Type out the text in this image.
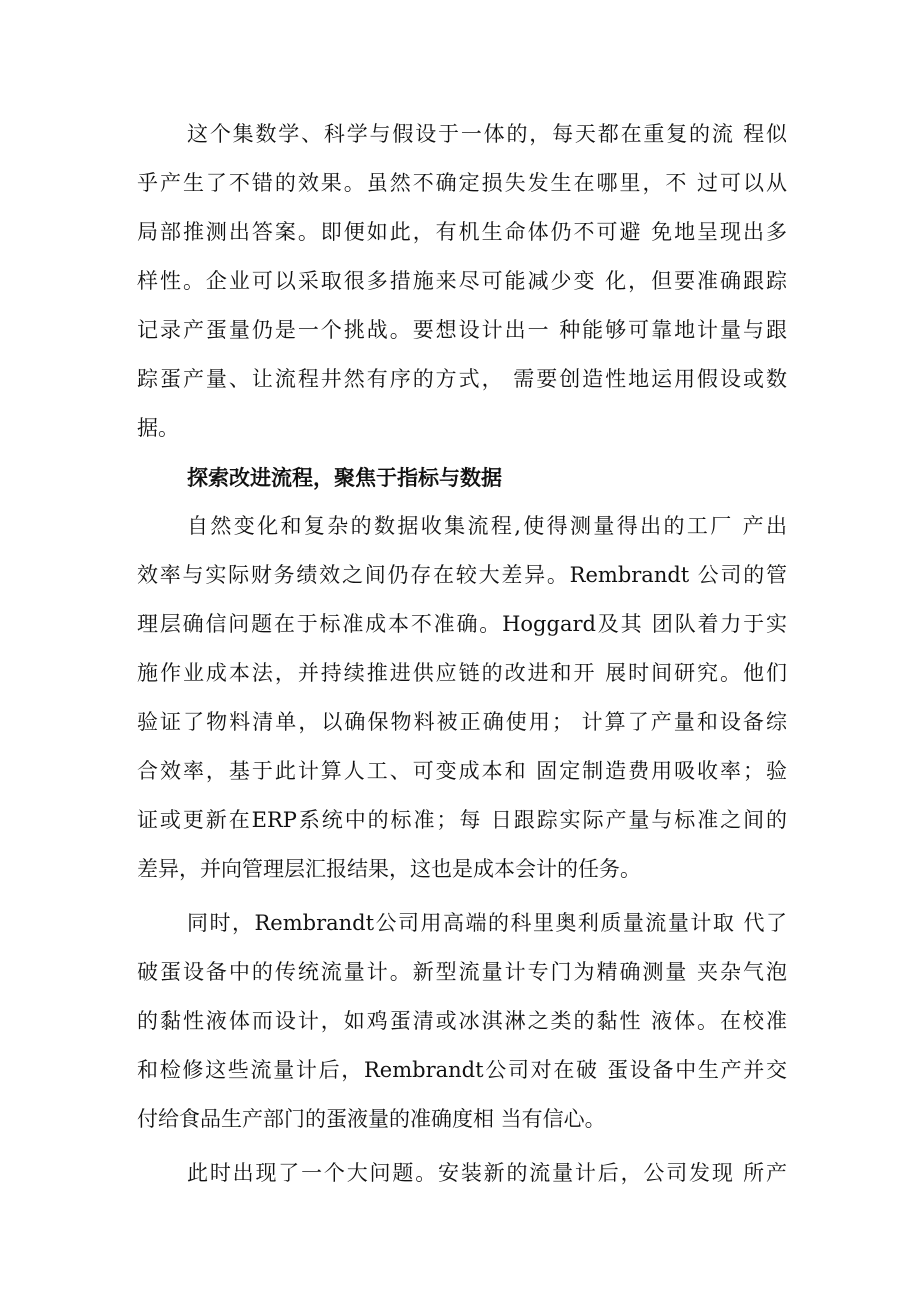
这个集数学、科学与假设于一体的，每天都在重复的流 程似
乎产生了不错的效果。虽然不确定损失发生在哪里，不 过可以从
局部推测出答案。即便如此，有机生命体仍不可避 免地呈现出多
样性。企业可以采取很多措施来尽可能减少变 化，但要准确跟踪
记录产蛋量仍是一个挑战。要想设计出一 种能够可靠地计量与跟
踪蛋产量、让流程井然有序的方式， 需要创造性地运用假设或数
据。
探索改进流程，聚焦于指标与数据
自然变化和复杂的数据收集流程,使得测量得出的工厂 产出
效率与实际财务绩效之间仍存在较大差异。Rembrandt 公司的管
理层确信问题在于标准成本不准确。Hoggard及其 团队着力于实
施作业成本法，并持续推进供应链的改进和开 展时间研究。他们
验证了物料清单，以确保物料被正确使用； 计算了产量和设备综
合效率，基于此计算人工、可变成本和 固定制造费用吸收率；验
证或更新在ERP系统中的标准；每 日跟踪实际产量与标准之间的
差异，并向管理层汇报结果，这也是成本会计的任务。
同时，Rembrandt公司用高端的科里奥利质量流量计取 代了
破蛋设备中的传统流量计。新型流量计专门为精确测量 夹杂气泡
的黏性液体而设计，如鸡蛋清或冰淇淋之类的黏性 液体。在校准
和检修这些流量计后，Rembrandt公司对在破 蛋设备中生产并交
付给食品生产部门的蛋液量的准确度相 当有信心。
此时出现了一个大问题。安装新的流量计后，公司发现 所产
